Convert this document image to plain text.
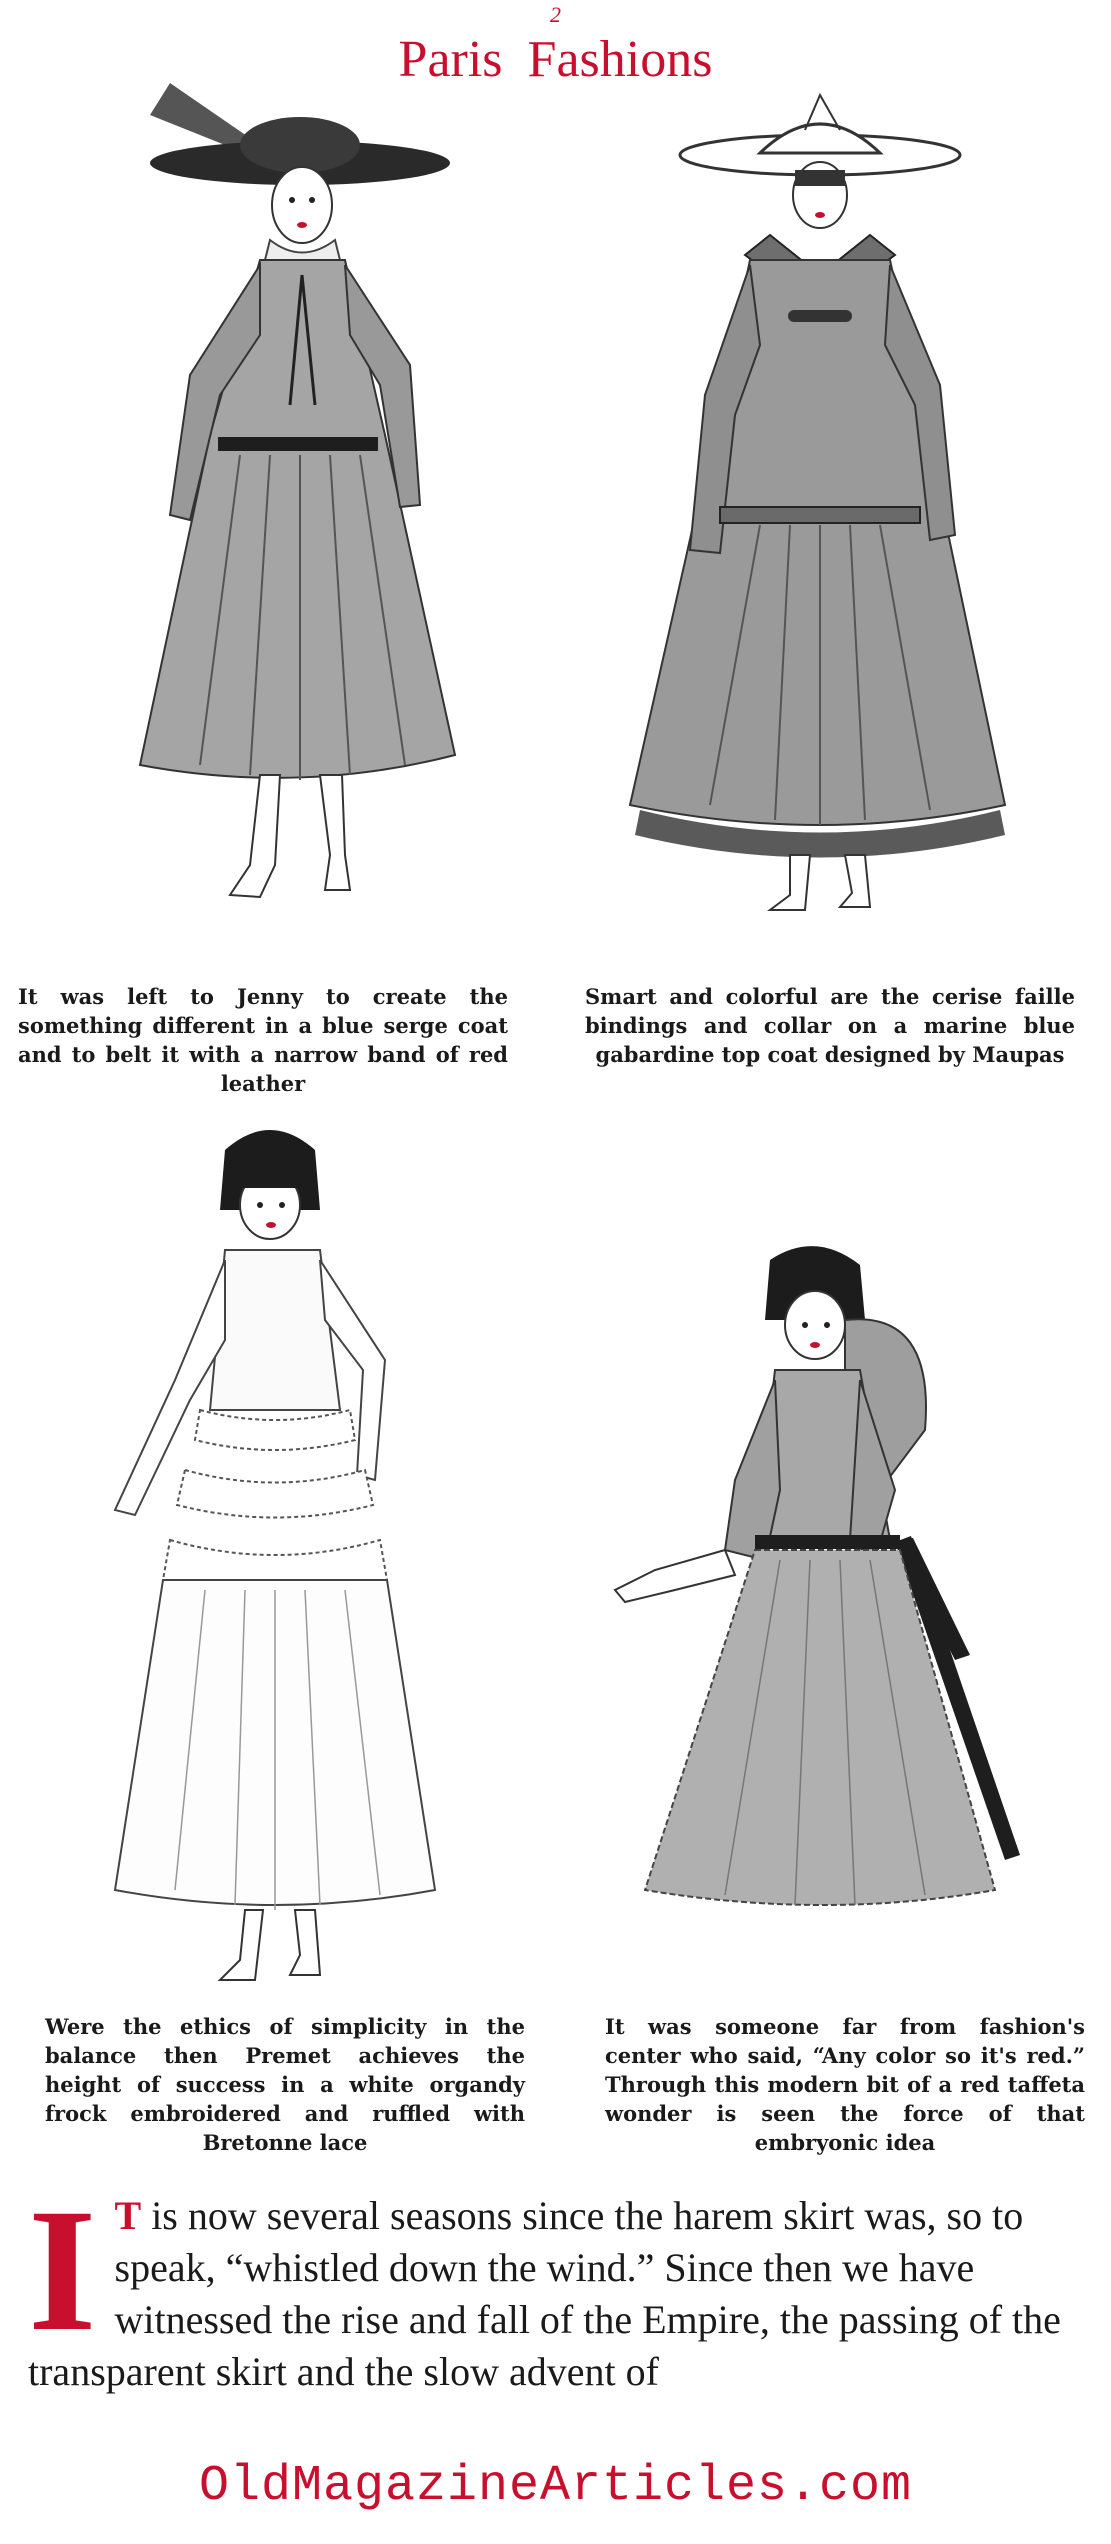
2
Paris Fashions
It was left to Jenny to create the something different in a blue serge coat and to belt it with a narrow band of red leather
Smart and colorful are the cerise faille bindings and collar on a marine blue gabardine top coat designed by Maupas
Were the ethics of simplicity in the balance then Premet achieves the height of success in a white organdy frock embroidered and ruffled with Bretonne lace
It was someone far from fashion's center who said, “Any color so it's red.” Through this modern bit of a red taffeta wonder is seen the force of that embryonic idea
I T is now several seasons since the harem skirt was, so to speak, “whistled down the wind.” Since then we have witnessed the rise and fall of the Empire, the passing of the transparent skirt and the slow advent of
OldMagazineArticles.com
